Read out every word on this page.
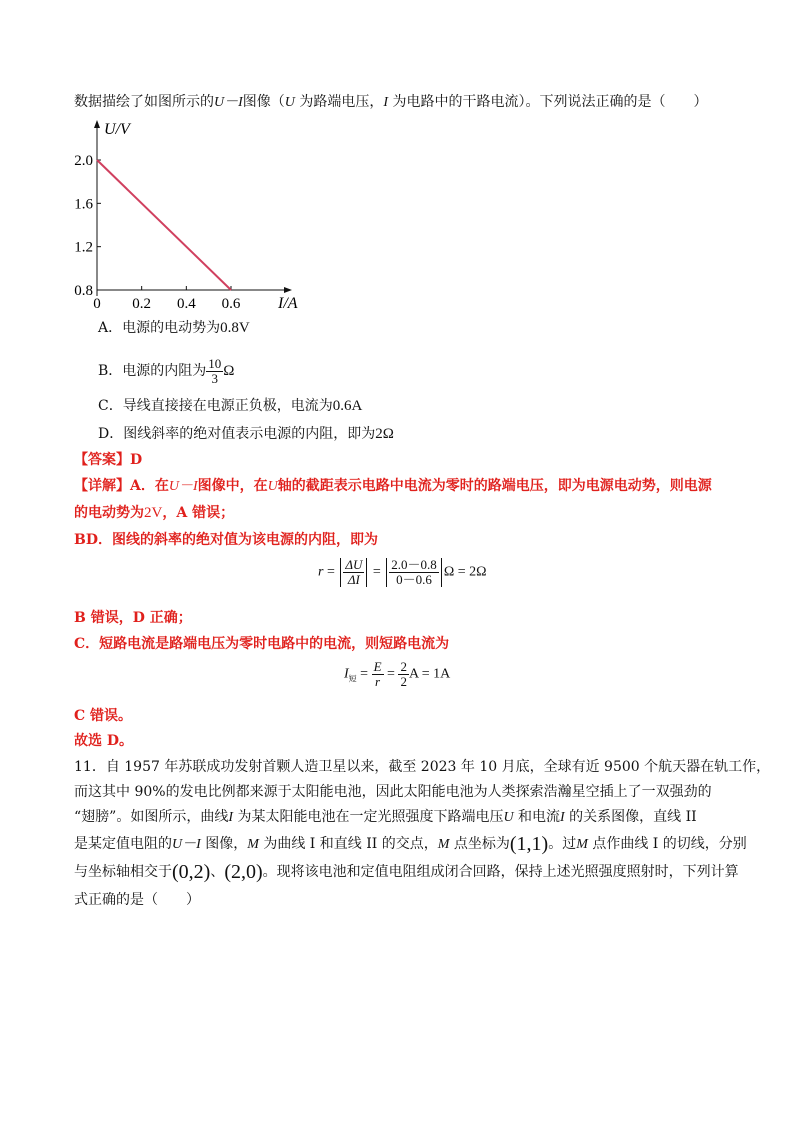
数据描绘了如图所示的U－I图像（U 为路端电压，I 为电路中的干路电流）。下列说法正确的是（　　）
0.8
1.2
1.6
2.0
0 0.2 0.4 0.6
U/V
I/A
A．电源的电动势为0.8V
B．电源的内阻为 $\frac{10}{3}$ Ω
C．导线直接接在电源正负极，电流为0.6A
D．图线斜率的绝对值表示电源的内阻，即为2Ω
【答案】D
【详解】A．在U－I图像中，在U轴的截距表示电路中电流为零时的路端电压，即为电源电动势，则电源
的电动势为2V，A 错误；
BD．图线的斜率的绝对值为该电源的内阻，即为
$r = \frac{\Delta U}{\Delta I} = \frac{2.0-0.8}{0-0.6}$ Ω = 2Ω
B 错误，D 正确；
C．短路电流是路端电压为零时电路中的电流，则短路电流为
$I_短 = \frac{E}{r} = \frac{2}{2}$ A = 1A
C 错误。
故选 D。
11．自 1957 年苏联成功发射首颗人造卫星以来，截至 2023 年 10 月底，全球有近 9500 个航天器在轨工作，
而这其中 90%的发电比例都来源于太阳能电池，因此太阳能电池为人类探索浩瀚星空插上了一双强劲的
“翅膀”。如图所示，曲线I 为某太阳能电池在一定光照强度下路端电压U 和电流I 的关系图像，直线 II
是某定值电阻的U－I 图像，M 为曲线 I 和直线 II 的交点，M 点坐标为(1,1)。过M 点作曲线 I 的切线，分别
与坐标轴相交于(0,2)、(2,0)。现将该电池和定值电阻组成闭合回路，保持上述光照强度照射时，下列计算
式正确的是（　　）
